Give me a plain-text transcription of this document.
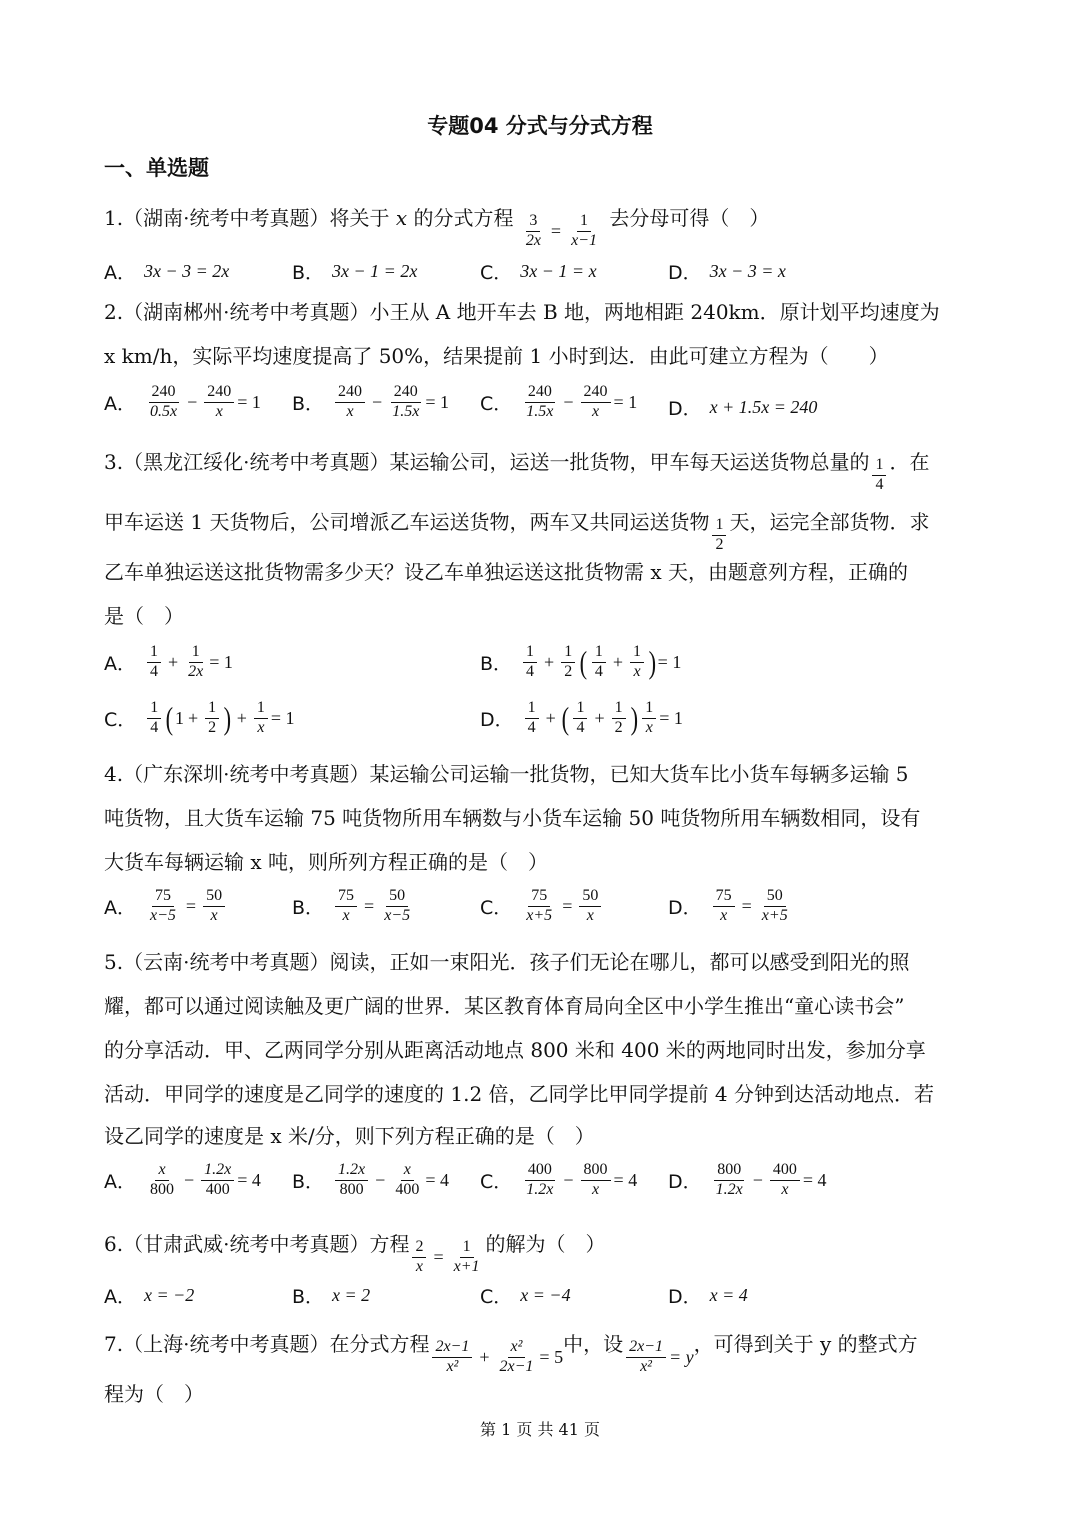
专题04 分式与分式方程
一、单选题
1.（湖南·统考中考真题）将关于 x 的分式方程 $\frac{3}{2x} = \frac{1}{x-1}$ 去分母可得（　）
A． 3x − 3 = 2x	B． 3x − 1 = 2x	C． 3x − 1 = x	D． 3x − 3 = x
2.（湖南郴州·统考中考真题）小王从 A 地开车去 B 地，两地相距 240km．原计划平均速度为
x km/h，实际平均速度提高了 50%，结果提前 1 小时到达．由此可建立方程为（　　）
A． $\frac{240}{0.5x} - \frac{240}{x} = 1$ B． $\frac{240}{x} - \frac{240}{1.5x} = 1$ C． $\frac{240}{1.5x} - \frac{240}{x} = 1$ D． x + 1.5x = 240
3.（黑龙江绥化·统考中考真题）某运输公司，运送一批货物，甲车每天运送货物总量的 $\frac{1}{4}$ ．在
甲车运送 1 天货物后，公司增派乙车运送货物，两车又共同运送货物 $\frac{1}{2}$ 天，运完全部货物．求
乙车单独运送这批货物需多少天？设乙车单独运送这批货物需 x 天，由题意列方程，正确的
是（　）
A． $\frac{1}{4} + \frac{1}{2x} = 1$	B． $\frac{1}{4} + \frac{1}{2}$ ( $\frac{1}{4} + \frac{1}{x}$ ) = 1
C． $\frac{1}{4}$ ( $1 + \frac{1}{2}$ ) + $\frac{1}{x} = 1$	D． $\frac{1}{4}$ + ( $\frac{1}{4} + \frac{1}{2}$ ) $\frac{1}{x} = 1$
4.（广东深圳·统考中考真题）某运输公司运输一批货物，已知大货车比小货车每辆多运输 5
吨货物，且大货车运输 75 吨货物所用车辆数与小货车运输 50 吨货物所用车辆数相同，设有
大货车每辆运输 x 吨，则所列方程正确的是（　）
A． $\frac{75}{x-5} = \frac{50}{x}$	B． $\frac{75}{x} = \frac{50}{x-5}$	C． $\frac{75}{x+5} = \frac{50}{x}$	D． $\frac{75}{x} = \frac{50}{x+5}$
5.（云南·统考中考真题）阅读，正如一束阳光．孩子们无论在哪儿，都可以感受到阳光的照
耀，都可以通过阅读触及更广阔的世界．某区教育体育局向全区中小学生推出“童心读书会”
的分享活动．甲、乙两同学分别从距离活动地点 800 米和 400 米的两地同时出发，参加分享
活动．甲同学的速度是乙同学的速度的 1.2 倍，乙同学比甲同学提前 4 分钟到达活动地点．若
设乙同学的速度是 x 米/分，则下列方程正确的是（　）
A． $\frac{x}{800} - \frac{1.2x}{400} = 4$ B． $\frac{1.2x}{800} - \frac{x}{400} = 4$ C． $\frac{400}{1.2x} - \frac{800}{x} = 4$ D． $\frac{800}{1.2x} - \frac{400}{x} = 4$
6.（甘肃武威·统考中考真题）方程 $\frac{2}{x} = \frac{1}{x+1}$ 的解为（　）
A． x = −2	B． x = 2	C． x = −4	D． x = 4
7.（上海·统考中考真题）在分式方程 $\frac{2x-1}{\text{x²}} + \frac{\text{x²}}{2x-1} = 5$
中，设 $\frac{2x-1}{\text{x²}} = y$
，可得到关于 y 的整式方
程为（　）
第 1 页 共 41 页
